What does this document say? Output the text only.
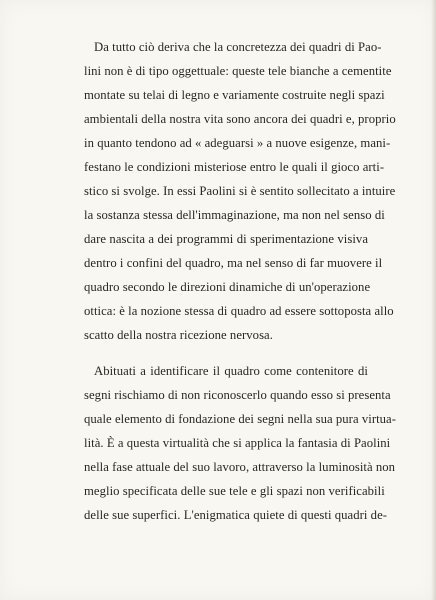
Da tutto ciò deriva che la concretezza dei quadri di Pao-
lini non è di tipo oggettuale: queste tele bianche a cementite
montate su telai di legno e variamente costruite negli spazi
ambientali della nostra vita sono ancora dei quadri e, proprio
in quanto tendono ad « adeguarsi » a nuove esigenze, mani-
festano le condizioni misteriose entro le quali il gioco arti-
stico si svolge. In essi Paolini si è sentito sollecitato a intuire
la sostanza stessa dell'immaginazione, ma non nel senso di
dare nascita a dei programmi di sperimentazione visiva
dentro i confini del quadro, ma nel senso di far muovere il
quadro secondo le direzioni dinamiche di un'operazione
ottica: è la nozione stessa di quadro ad essere sottoposta allo
scatto della nostra ricezione nervosa.
Abituati a identificare il quadro come contenitore di
segni rischiamo di non riconoscerlo quando esso si presenta
quale elemento di fondazione dei segni nella sua pura virtua-
lità. È a questa virtualità che si applica la fantasia di Paolini
nella fase attuale del suo lavoro, attraverso la luminosità non
meglio specificata delle sue tele e gli spazi non verificabili
delle sue superfici. L'enigmatica quiete di questi quadri de-
